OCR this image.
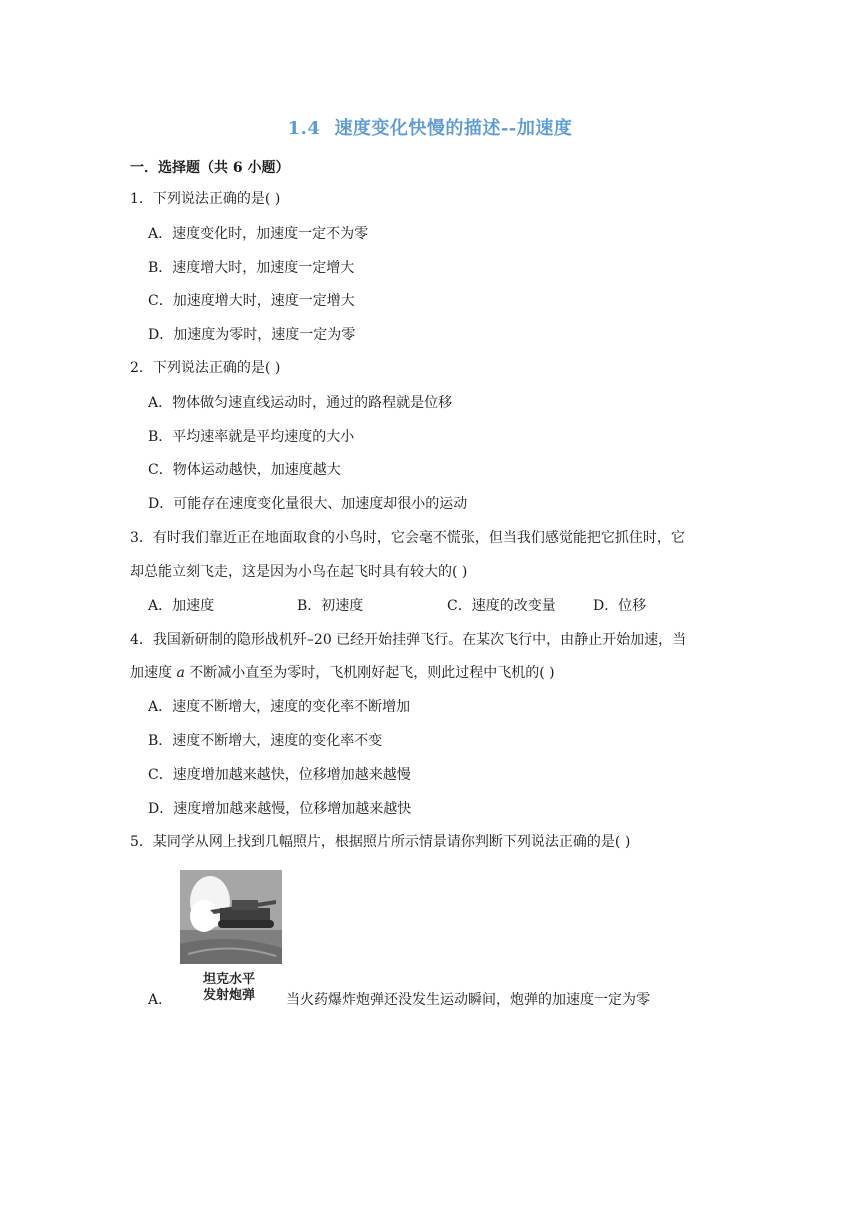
1.4 速度变化快慢的描述--加速度
一．选择题（共 6 小题）
1．下列说法正确的是( )
A．速度变化时，加速度一定不为零
B．速度增大时，加速度一定增大
C．加速度增大时，速度一定增大
D．加速度为零时，速度一定为零
2．下列说法正确的是( )
A．物体做匀速直线运动时，通过的路程就是位移
B．平均速率就是平均速度的大小
C．物体运动越快，加速度越大
D．可能存在速度变化量很大、加速度却很小的运动
3．有时我们靠近正在地面取食的小鸟时，它会毫不慌张，但当我们感觉能把它抓住时，它
却总能立刻飞走，这是因为小鸟在起飞时具有较大的( )
A．加速度	B．初速度	C．速度的改变量	D．位移
4．我国新研制的隐形战机歼–20 已经开始挂弹飞行。在某次飞行中，由静止开始加速，当
加速度 a 不断减小直至为零时，飞机刚好起飞，则此过程中飞机的( )
A．速度不断增大，速度的变化率不断增加
B．速度不断增大，速度的变化率不变
C．速度增加越来越快，位移增加越来越慢
D．速度增加越来越慢，位移增加越来越快
5．某同学从网上找到几幅照片，根据照片所示情景请你判断下列说法正确的是( )
坦克水平
发射炮弹
A．	当火药爆炸炮弹还没发生运动瞬间，炮弹的加速度一定为零
